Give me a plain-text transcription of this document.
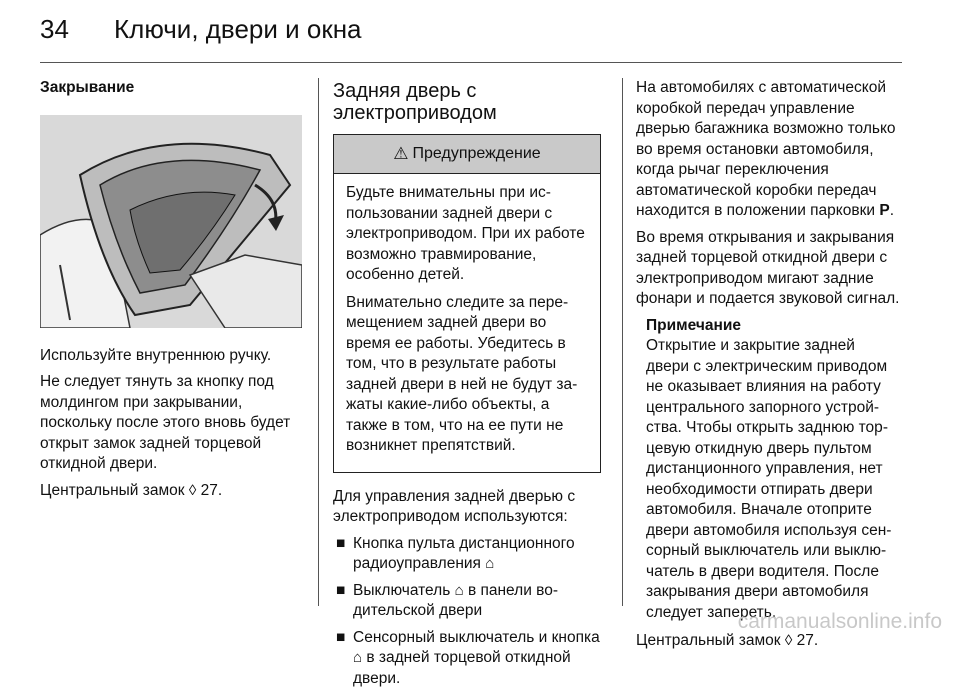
34	Ключи, двери и окна
Закрывание

Используйте внутреннюю ручку.

Не следует тянуть за кнопку под молдингом при закрывании, поскольку после этого вновь будет открыт замок задней торцевой откидной двери.

Центральный замок ◊ 27.

Задняя дверь с электроприводом
⚠ Предупреждение

Будьте внимательны при использовании задней двери с электроприводом. При их работе возможно травмирование, особенно детей.

Внимательно следите за перемещением задней двери во время ее работы. Убедитесь в том, что в результате работы задней двери в ней не будут зажаты какие-либо объекты, а также в том, что на ее пути не возникнет препятствий.

Для управления задней дверью с электроприводом используются:

■ Кнопка пульта дистанционного радиоуправления ⌂
■ Выключатель ⌂ в панели водительской двери
■ Сенсорный выключатель и кнопка ⌂ в задней торцевой откидной двери.

На автомобилях с автоматической коробкой передач управление дверью багажника возможно только во время остановки автомобиля, когда рычаг переключения автоматической коробки передач находится в положении парковки P.

Во время открывания и закрывания задней торцевой откидной двери с электроприводом мигают задние фонари и подается звуковой сигнал.

Примечание
Открытие и закрытие задней двери с электрическим приводом не оказывает влияния на работу центрального запорного устройства. Чтобы открыть заднюю торцевую откидную дверь пультом дистанционного управления, нет необходимости отпирать двери автомобиля. Вначале отоприте двери автомобиля используя сенсорный выключатель или выключатель в двери водителя. После закрывания двери автомобиля следует запереть.

Центральный замок ◊ 27.

carmanualsonline.info
